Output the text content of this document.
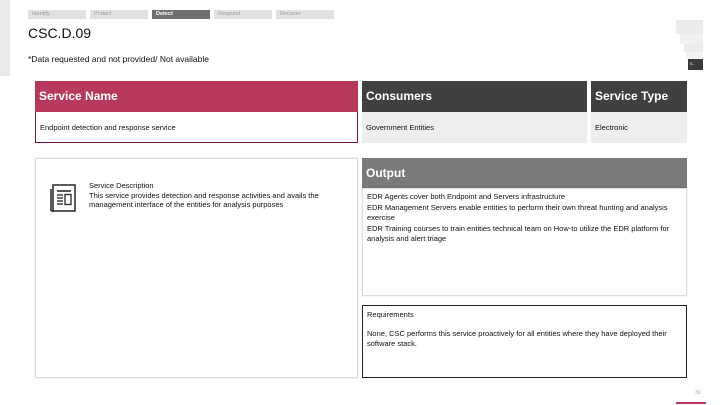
Identify	Protect	Detect	Respond	Recover
CSC.D.09
*Data requested and not provided/ Not available	S...
Service Name	Consumers	Service Type
Endpoint detection and response service	Government Entities	Electronic
Service Description
This service provides detection and response activities and avails the management interface of the entities for analysis purposes
Output
EDR Agents cover both Endpoint and Servers infrastructure
EDR Management Servers enable entities to perform their own threat hunting and analysis exercise
EDR Training courses to train entities technical team on How-to utilize the EDR platform for analysis and alert triage
Requirements
None, CSC performs this service proactively for all entities where they have deployed their software stack.
30
